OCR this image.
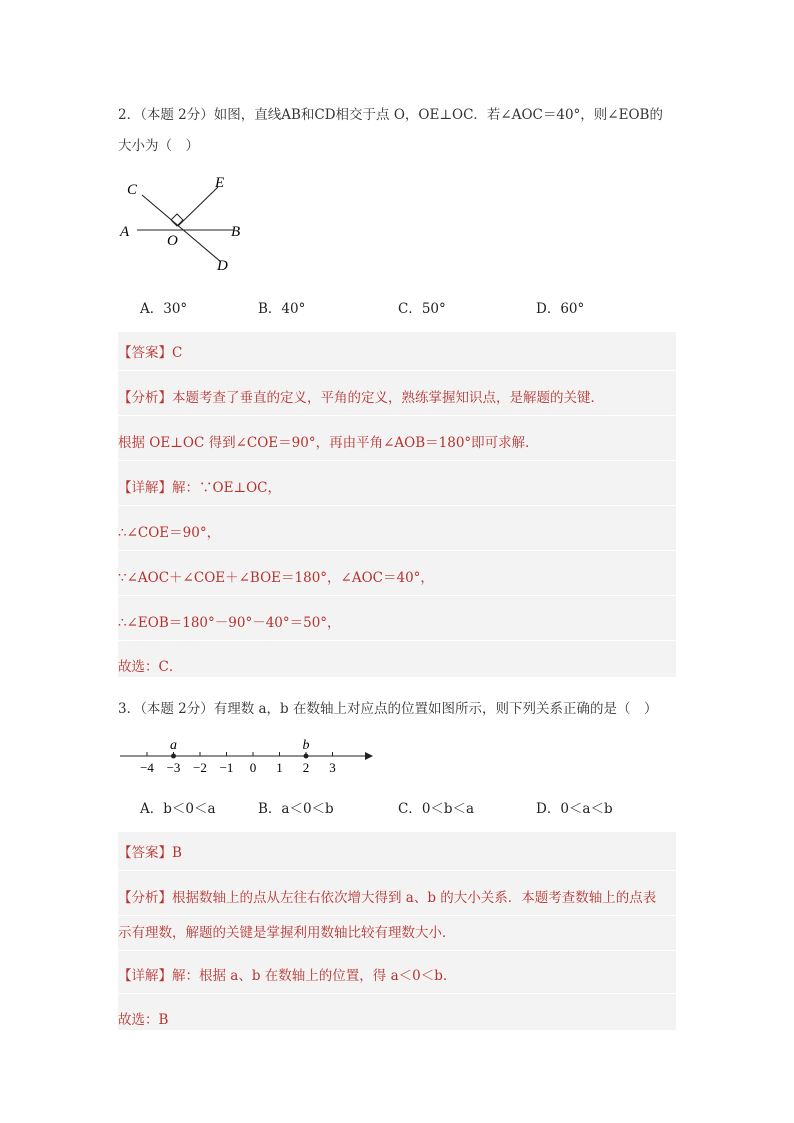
2．（本题 2分）如图，直线AB和CD相交于点 O，OE⊥OC．若∠AOC＝40°，则∠EOB的
大小为（　）
C	E
A
O
B
D
A．30°	B．40°	C．50°	D．60°
【答案】C
【分析】本题考查了垂直的定义，平角的定义，熟练掌握知识点，是解题的关键．
根据 OE⊥OC 得到∠COE＝90°，再由平角∠AOB＝180°即可求解．
【详解】解：∵OE⊥OC，
∴∠COE＝90°，
∵∠AOC＋∠COE＋∠BOE＝180°，∠AOC＝40°，
∴∠EOB＝180°－90°－40°＝50°，
故选：C．
3．（本题 2分）有理数 a，b 在数轴上对应点的位置如图所示，则下列关系正确的是（　）
−4 −3 −2 −1 0 1 2 3
a	b
A．b＜0＜a	B．a＜0＜b	C．0＜b＜a	D．0＜a＜b
【答案】B
【分析】根据数轴上的点从左往右依次增大得到 a、b 的大小关系．本题考查数轴上的点表
示有理数，解题的关键是掌握利用数轴比较有理数大小．
【详解】解：根据 a、b 在数轴上的位置，得 a＜0＜b．
故选：B
